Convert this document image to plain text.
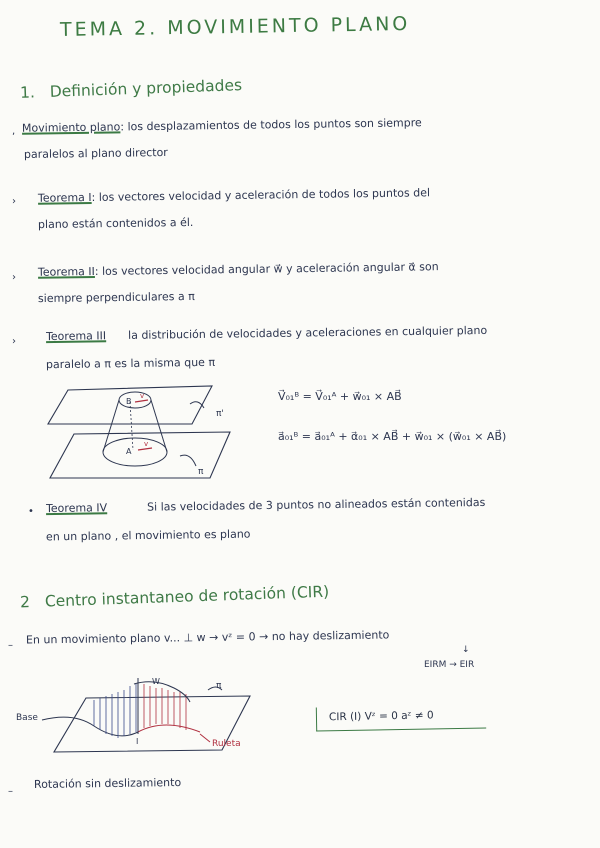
TEMA 2. MOVIMIENTO PLANO
1. Definición y propiedades
, Movimiento plano: los desplazamientos de todos los puntos son siempre
paralelos al plano director
› Teorema I: los vectores velocidad y aceleración de todos los puntos del
plano están contenidos a él.
› Teorema II: los vectores velocidad angular w⃗ y aceleración angular α⃗ son
siempre perpendiculares a π
›	Teorema III la distribución de velocidades y aceleraciones en cualquier plano
paralelo a π es la misma que π
B
v
A
v
π'
π
V⃗₀₁ᴮ = V⃗₀₁ᴬ + w⃗₀₁ × AB⃗
a⃗₀₁ᴮ = a⃗₀₁ᴬ + α⃗₀₁ × AB⃗ + w⃗₀₁ × (w⃗₀₁ × AB⃗)
• Teorema IV	Si las velocidades de 3 puntos no alineados están contenidas
en un plano , el movimiento es plano
2 Centro instantaneo de rotación (CIR)
– En un movimiento plano v... ⊥ w → vᶻ = 0 → no hay deslizamiento
↓
EIRM → EIR
W
I
π
Base
Ruleta
CIR (I) Vᶻ = 0 aᶻ ≠ 0
–
Rotación sin deslizamiento
